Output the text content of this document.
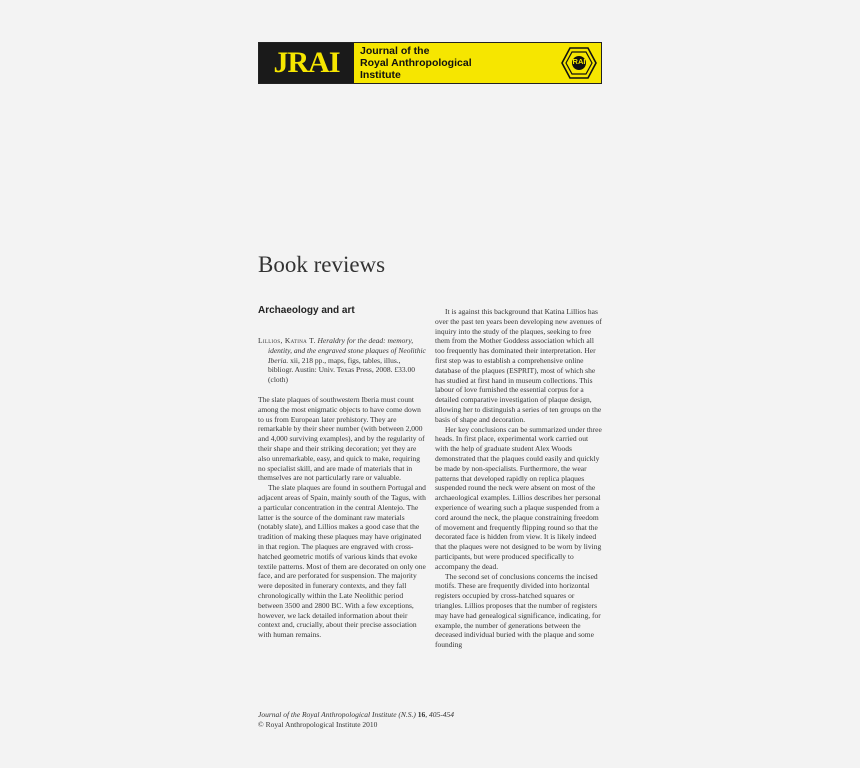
JRAI	Journal of the
Royal Anthropological
Institute
RAI
Book reviews
Archaeology and art

Lillios, Katina T. Heraldry for the dead: memory, identity, and the engraved stone plaques of Neolithic Iberia. xii, 218 pp., maps, figs, tables, illus., bibliogr. Austin: Univ. Texas Press, 2008. £33.00 (cloth)

The slate plaques of southwestern Iberia must count among the most enigmatic objects to have come down to us from European later prehistory. They are remarkable by their sheer number (with between 2,000 and 4,000 surviving examples), and by the regularity of their shape and their striking decoration; yet they are also unremarkable, easy, and quick to make, requiring no specialist skill, and are made of materials that in themselves are not particularly rare or valuable.

The slate plaques are found in southern Portugal and adjacent areas of Spain, mainly south of the Tagus, with a particular concentration in the central Alentejo. The latter is the source of the dominant raw materials (notably slate), and Lillios makes a good case that the tradition of making these plaques may have originated in that region. The plaques are engraved with cross-hatched geometric motifs of various kinds that evoke textile patterns. Most of them are decorated on only one face, and are perforated for suspension. The majority were deposited in funerary contexts, and they fall chronologically within the Late Neolithic period between 3500 and 2800 BC. With a few exceptions, however, we lack detailed information about their context and, crucially, about their precise association with human remains.

It is against this background that Katina Lillios has over the past ten years been developing new avenues of inquiry into the study of the plaques, seeking to free them from the Mother Goddess association which all too frequently has dominated their interpretation. Her first step was to establish a comprehensive online database of the plaques (ESPRIT), most of which she has studied at first hand in museum collections. This labour of love furnished the essential corpus for a detailed comparative investigation of plaque design, allowing her to distinguish a series of ten groups on the basis of shape and decoration.

Her key conclusions can be summarized under three heads. In first place, experimental work carried out with the help of graduate student Alex Woods demonstrated that the plaques could easily and quickly be made by non-specialists. Furthermore, the wear patterns that developed rapidly on replica plaques suspended round the neck were absent on most of the archaeological examples. Lillios describes her personal experience of wearing such a plaque suspended from a cord around the neck, the plaque constraining freedom of movement and frequently flipping round so that the decorated face is hidden from view. It is likely indeed that the plaques were not designed to be worn by living participants, but were produced specifically to accompany the dead.

The second set of conclusions concerns the incised motifs. These are frequently divided into horizontal registers occupied by cross-hatched squares or triangles. Lillios proposes that the number of registers may have had genealogical significance, indicating, for example, the number of generations between the deceased individual buried with the plaque and some founding

Journal of the Royal Anthropological Institute (N.S.) 16, 405-454
© Royal Anthropological Institute 2010
